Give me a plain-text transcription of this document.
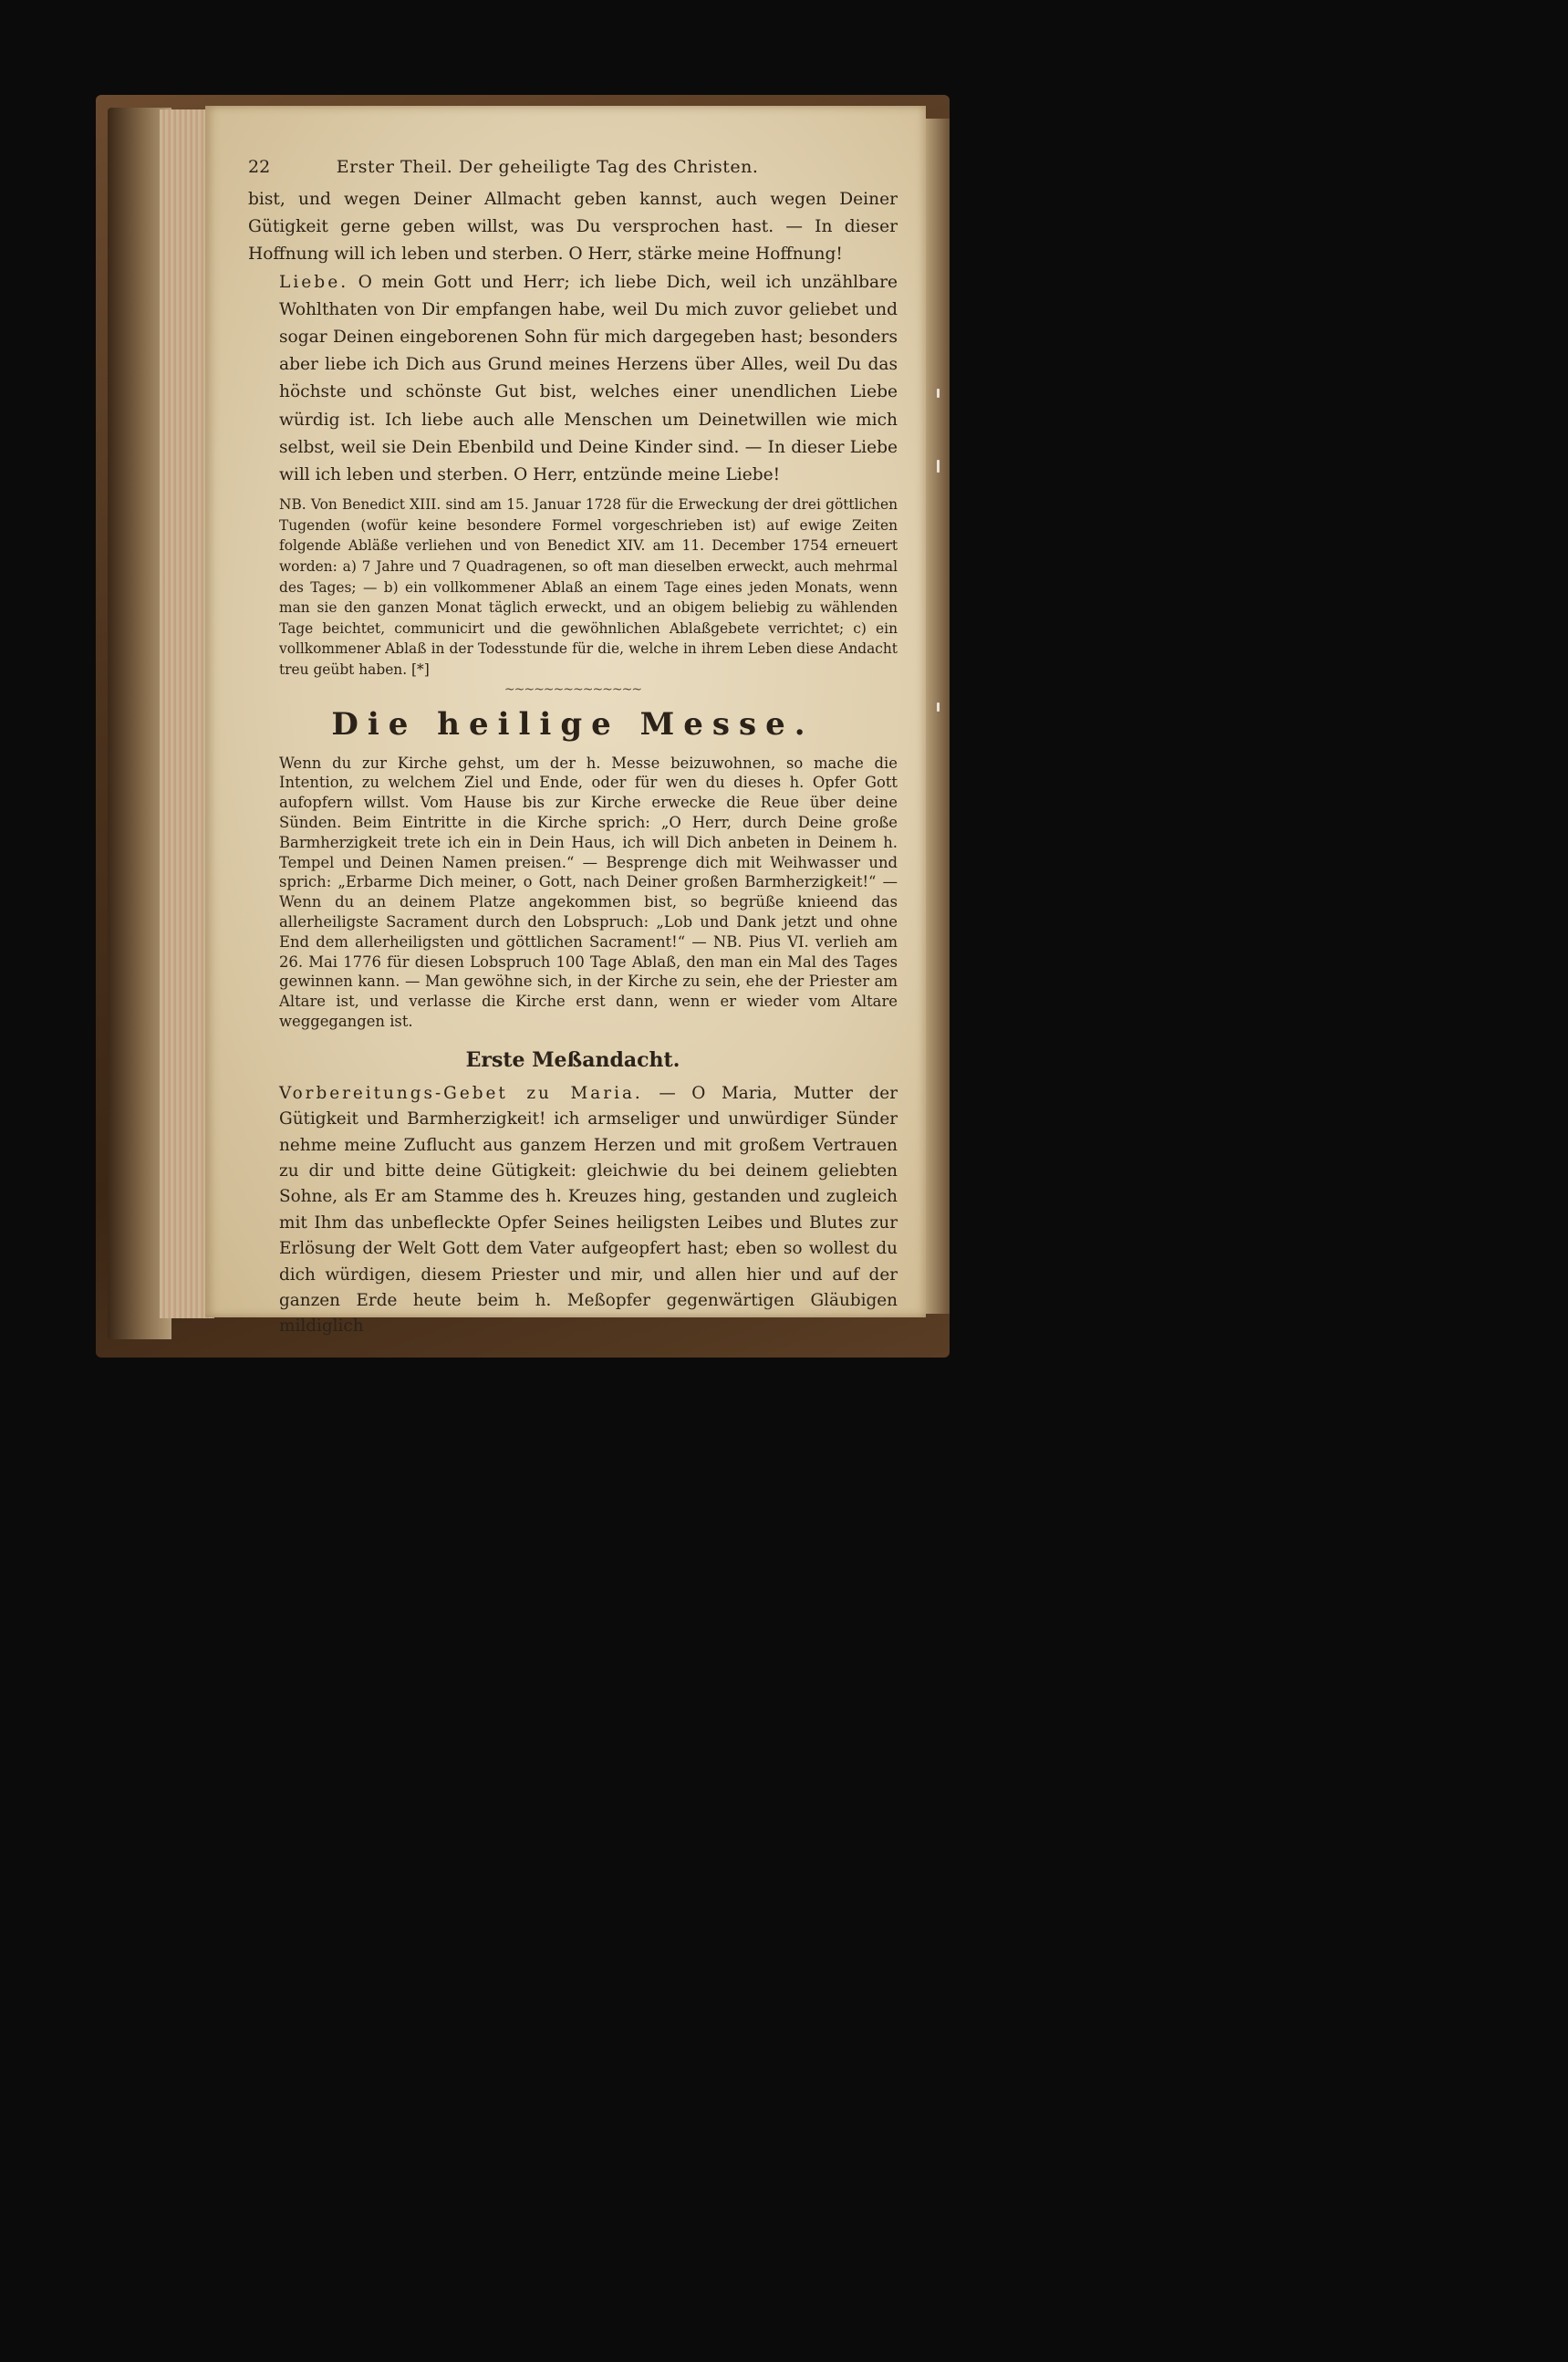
22	Erster Theil. Der geheiligte Tag des Christen.

bist, und wegen Deiner Allmacht geben kannst, auch wegen Deiner Gütigkeit gerne geben willst, was Du versprochen hast. — In dieser Hoffnung will ich leben und sterben. O Herr, stärke meine Hoffnung!

Liebe. O mein Gott und Herr; ich liebe Dich, weil ich unzählbare Wohlthaten von Dir empfangen habe, weil Du mich zuvor geliebet und sogar Deinen eingeborenen Sohn für mich dargegeben hast; besonders aber liebe ich Dich aus Grund meines Herzens über Alles, weil Du das höchste und schönste Gut bist, welches einer unendlichen Liebe würdig ist. Ich liebe auch alle Menschen um Deinetwillen wie mich selbst, weil sie Dein Ebenbild und Deine Kinder sind. — In dieser Liebe will ich leben und sterben. O Herr, entzünde meine Liebe!

NB. Von Benedict XIII. sind am 15. Januar 1728 für die Erweckung der drei göttlichen Tugenden (wofür keine besondere Formel vorgeschrieben ist) auf ewige Zeiten folgende Abläße verliehen und von Benedict XIV. am 11. December 1754 erneuert worden: a) 7 Jahre und 7 Quadragenen, so oft man dieselben erweckt, auch mehrmal des Tages; — b) ein vollkommener Ablaß an einem Tage eines jeden Monats, wenn man sie den ganzen Monat täglich erweckt, und an obigem beliebig zu wählenden Tage beichtet, communicirt und die gewöhnlichen Ablaßgebete verrichtet; c) ein vollkommener Ablaß in der Todesstunde für die, welche in ihrem Leben diese Andacht treu geübt haben. [*]

~~~~~~~~~~~~~~
Die heilige Messe.

Wenn du zur Kirche gehst, um der h. Messe beizuwohnen, so mache die Intention, zu welchem Ziel und Ende, oder für wen du dieses h. Opfer Gott aufopfern willst. Vom Hause bis zur Kirche erwecke die Reue über deine Sünden. Beim Eintritte in die Kirche sprich: „O Herr, durch Deine große Barmherzigkeit trete ich ein in Dein Haus, ich will Dich anbeten in Deinem h. Tempel und Deinen Namen preisen.“ — Besprenge dich mit Weihwasser und sprich: „Erbarme Dich meiner, o Gott, nach Deiner großen Barmherzigkeit!“ — Wenn du an deinem Platze angekommen bist, so begrüße knieend das allerheiligste Sacrament durch den Lobspruch: „Lob und Dank jetzt und ohne End dem allerheiligsten und göttlichen Sacrament!“ — NB. Pius VI. verlieh am 26. Mai 1776 für diesen Lobspruch 100 Tage Ablaß, den man ein Mal des Tages gewinnen kann. — Man gewöhne sich, in der Kirche zu sein, ehe der Priester am Altare ist, und verlasse die Kirche erst dann, wenn er wieder vom Altare weggegangen ist.

Erste Meßandacht.

Vorbereitungs-Gebet zu Maria. — O Maria, Mutter der Gütigkeit und Barmherzigkeit! ich armseliger und unwürdiger Sünder nehme meine Zuflucht aus ganzem Herzen und mit großem Vertrauen zu dir und bitte deine Gütigkeit: gleichwie du bei deinem geliebten Sohne, als Er am Stamme des h. Kreuzes hing, gestanden und zugleich mit Ihm das unbefleckte Opfer Seines heiligsten Leibes und Blutes zur Erlösung der Welt Gott dem Vater aufgeopfert hast; eben so wollest du dich würdigen, diesem Priester und mir, und allen hier und auf der ganzen Erde heute beim h. Meßopfer gegenwärtigen Gläubigen mildiglich
